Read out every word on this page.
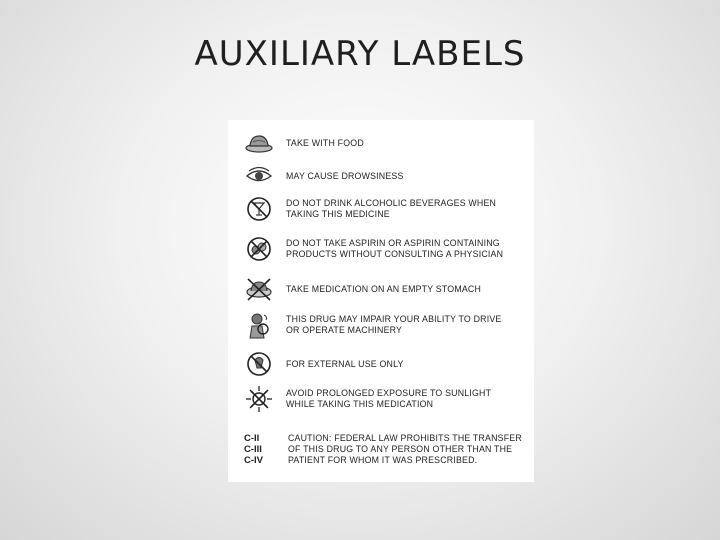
AUXILIARY LABELS
TAKE WITH FOOD
MAY CAUSE DROWSINESS
DO NOT DRINK ALCOHOLIC BEVERAGES WHEN
TAKING THIS MEDICINE
DO NOT TAKE ASPIRIN OR ASPIRIN CONTAINING
PRODUCTS WITHOUT CONSULTING A PHYSICIAN
TAKE MEDICATION ON AN EMPTY STOMACH
THIS DRUG MAY IMPAIR YOUR ABILITY TO DRIVE
OR OPERATE MACHINERY
FOR EXTERNAL USE ONLY
AVOID PROLONGED EXPOSURE TO SUNLIGHT
WHILE TAKING THIS MEDICATION
C-II
C-III
C-IV
CAUTION: FEDERAL LAW PROHIBITS THE TRANSFER
OF THIS DRUG TO ANY PERSON OTHER THAN THE
PATIENT FOR WHOM IT WAS PRESCRIBED.
